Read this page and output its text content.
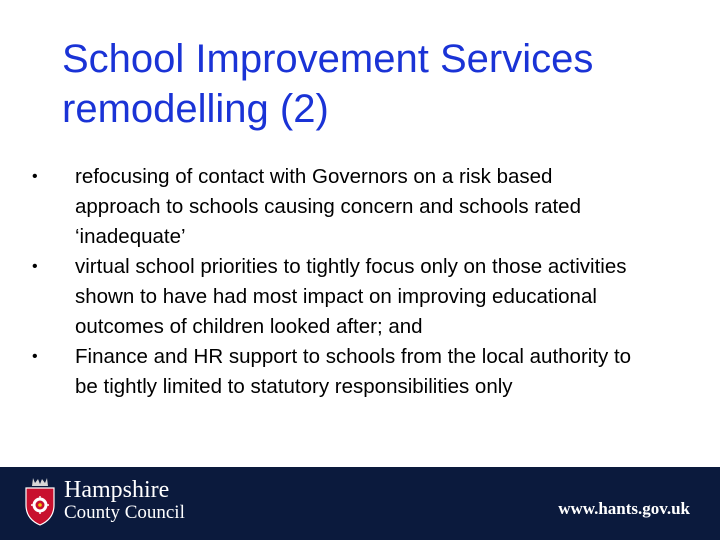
School Improvement Services
remodelling (2)
•	refocusing of contact with Governors on a risk based
approach to schools causing concern and schools rated
‘inadequate’
•	virtual school priorities to tightly focus only on those activities
shown to have had most impact on improving educational
outcomes of children looked after; and
•	Finance and HR support to schools from the local authority to
be tightly limited to statutory responsibilities only
Hampshire
County Council	www.hants.gov.uk
